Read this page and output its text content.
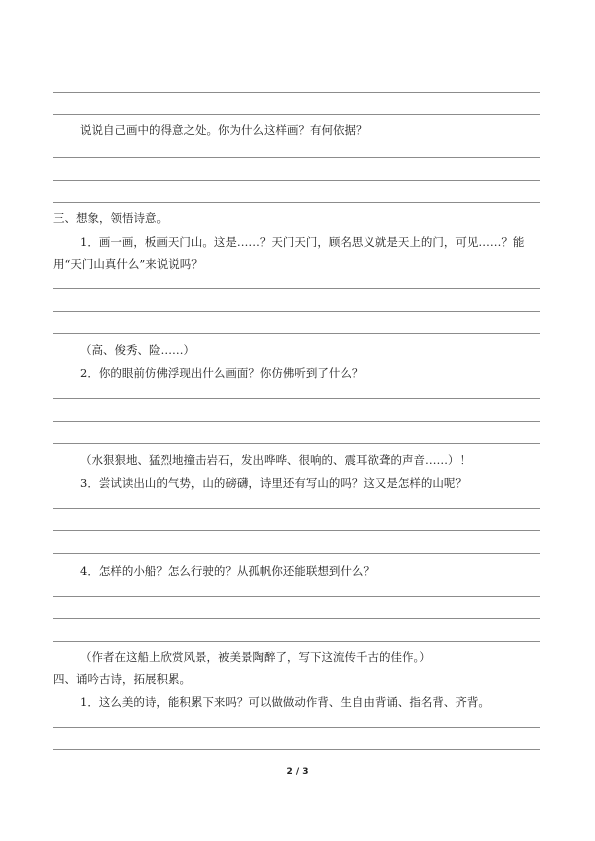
说说自己画中的得意之处。你为什么这样画？有何依据？
三、想象，领悟诗意。
1．画一画，板画天门山。这是……？天门天门，顾名思义就是天上的门，可见……？能
用“天门山真什么”来说说吗？
（高、俊秀、险……）
2．你的眼前仿佛浮现出什么画面？你仿佛听到了什么？
（水狠狠地、猛烈地撞击岩石，发出哗哗、很响的、震耳欲聋的声音……）！
3．尝试读出山的气势，山的磅礴，诗里还有写山的吗？这又是怎样的山呢？
4．怎样的小船？怎么行驶的？从孤帆你还能联想到什么？
（作者在这船上欣赏风景，被美景陶醉了，写下这流传千古的佳作。）
四、诵吟古诗，拓展积累。
1．这么美的诗，能积累下来吗？可以做做动作背、生自由背诵、指名背、齐背。
2 / 3
